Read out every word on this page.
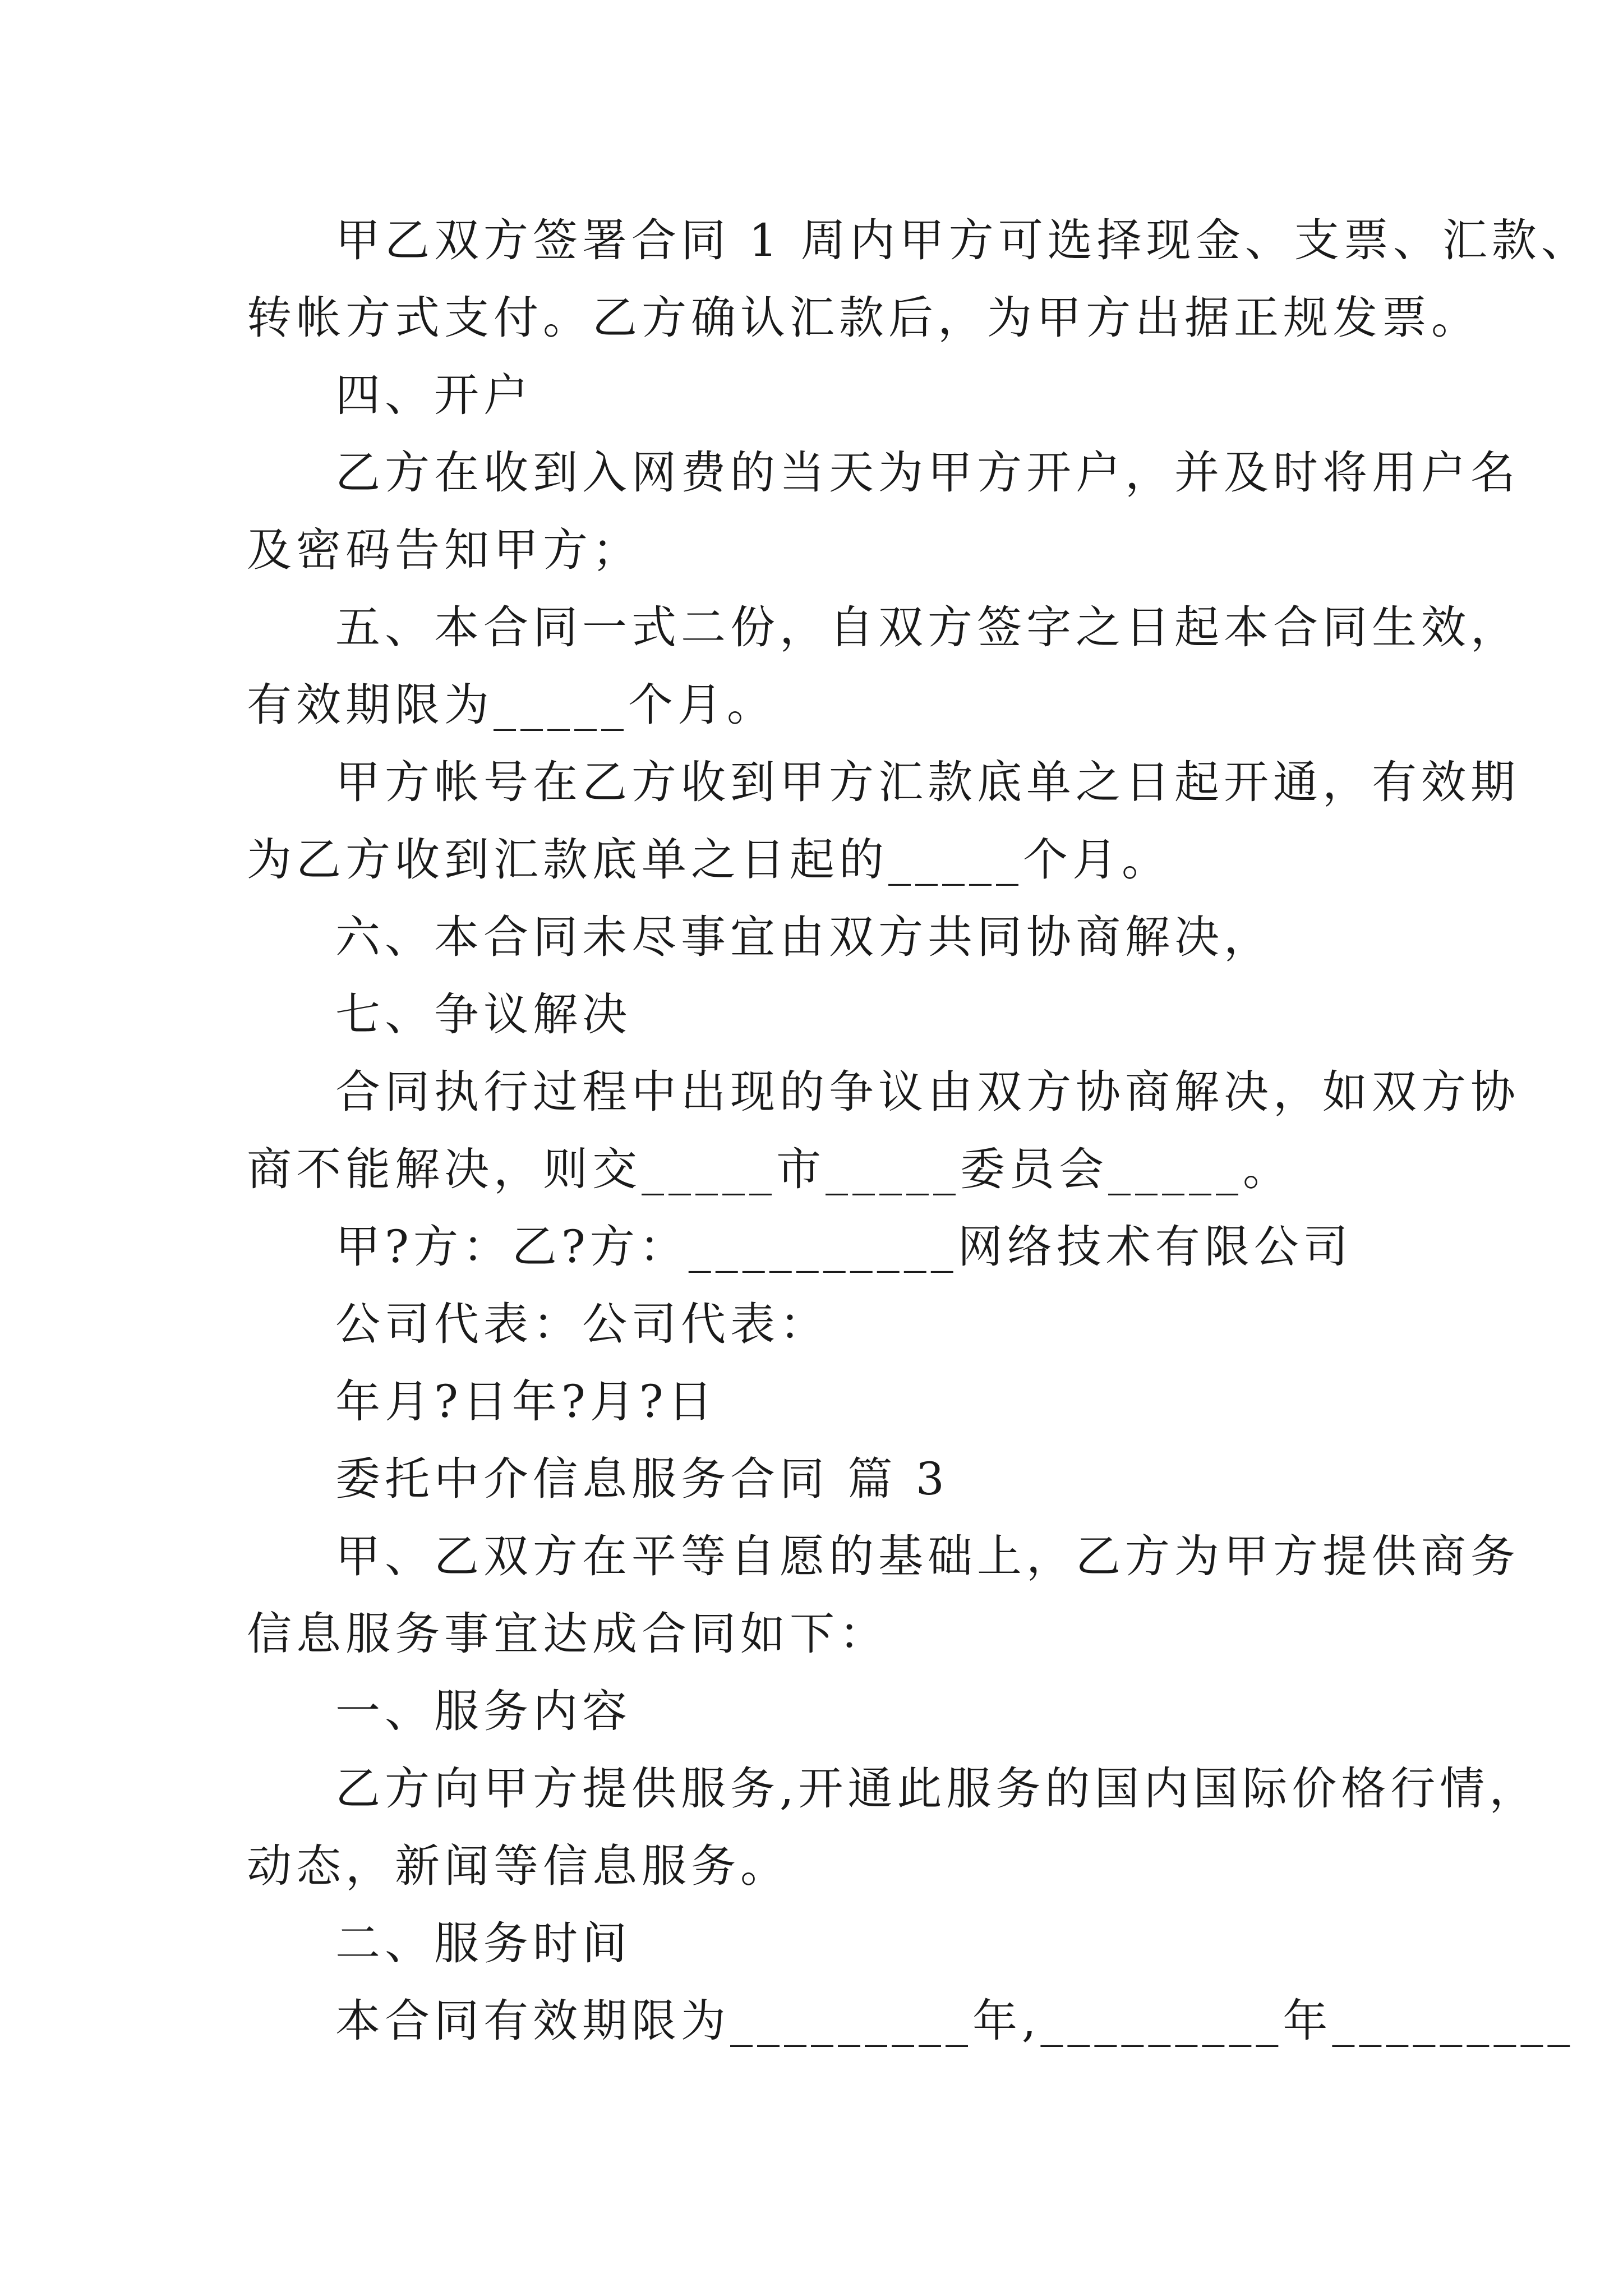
甲乙双方签署合同 1 周内甲方可选择现金、支票、汇款、
转帐方式支付。乙方确认汇款后，为甲方出据正规发票。
四、开户
乙方在收到入网费的当天为甲方开户，并及时将用户名
及密码告知甲方；
五、本合同一式二份，自双方签字之日起本合同生效，
有效期限为_____个月。
甲方帐号在乙方收到甲方汇款底单之日起开通，有效期
为乙方收到汇款底单之日起的_____个月。
六、本合同未尽事宜由双方共同协商解决，
七、争议解决
合同执行过程中出现的争议由双方协商解决，如双方协
商不能解决，则交_____市_____委员会_____。
甲?方：乙?方：__________网络技术有限公司
公司代表：公司代表：
年月?日年?月?日
委托中介信息服务合同 篇 3
甲、乙双方在平等自愿的基础上，乙方为甲方提供商务
信息服务事宜达成合同如下：
一、服务内容
乙方向甲方提供服务,开通此服务的国内国际价格行情，
动态，新闻等信息服务。
二、服务时间
本合同有效期限为_________年,_________年_________
